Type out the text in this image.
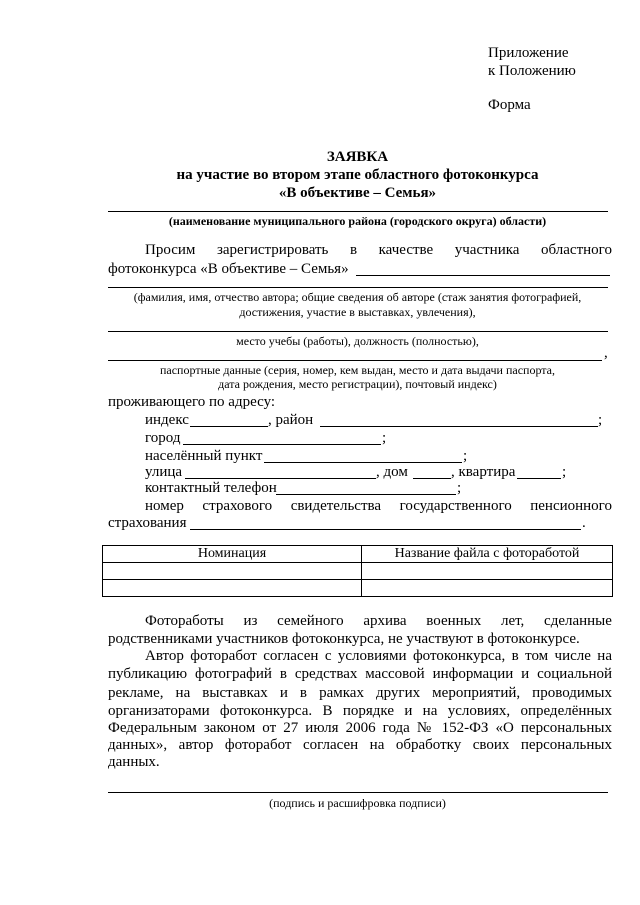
Приложение
к Положению
Форма
ЗАЯВКА
на участие во втором этапе областного фотоконкурса
«В объективе – Семья»
(наименование муниципального района (городского округа) области)
Просим зарегистрировать в качестве участника областного
фотоконкурса «В объективе – Семья»
(фамилия, имя, отчество автора; общие сведения об авторе (стаж занятия фотографией,
достижения, участие в выставках, увлечения),
место учебы (работы), должность (полностью),
,
паспортные данные (серия, номер, кем выдан, место и дата выдачи паспорта,
дата рождения, место регистрации), почтовый индекс)
проживающего по адресу:
индекс	, район	;
город	;
населённый пункт	;
улица	, дом	, квартира	;
контактный телефон	;
номер страхового свидетельства государственного пенсионного
страхования	.
Номинация	Название файла с фотоработой

Фотоработы из семейного архива военных лет, сделанные
родственниками участников фотоконкурса, не участвуют в фотоконкурсе.
Автор фоторабот согласен с условиями фотоконкурса, в том числе на
публикацию фотографий в средствах массовой информации и социальной
рекламе, на выставках и в рамках других мероприятий, проводимых
организаторами фотоконкурса. В порядке и на условиях, определённых
Федеральным законом от 27 июля 2006 года № 152-ФЗ «О персональных
данных», автор фоторабот согласен на обработку своих персональных
данных.
(подпись и расшифровка подписи)
